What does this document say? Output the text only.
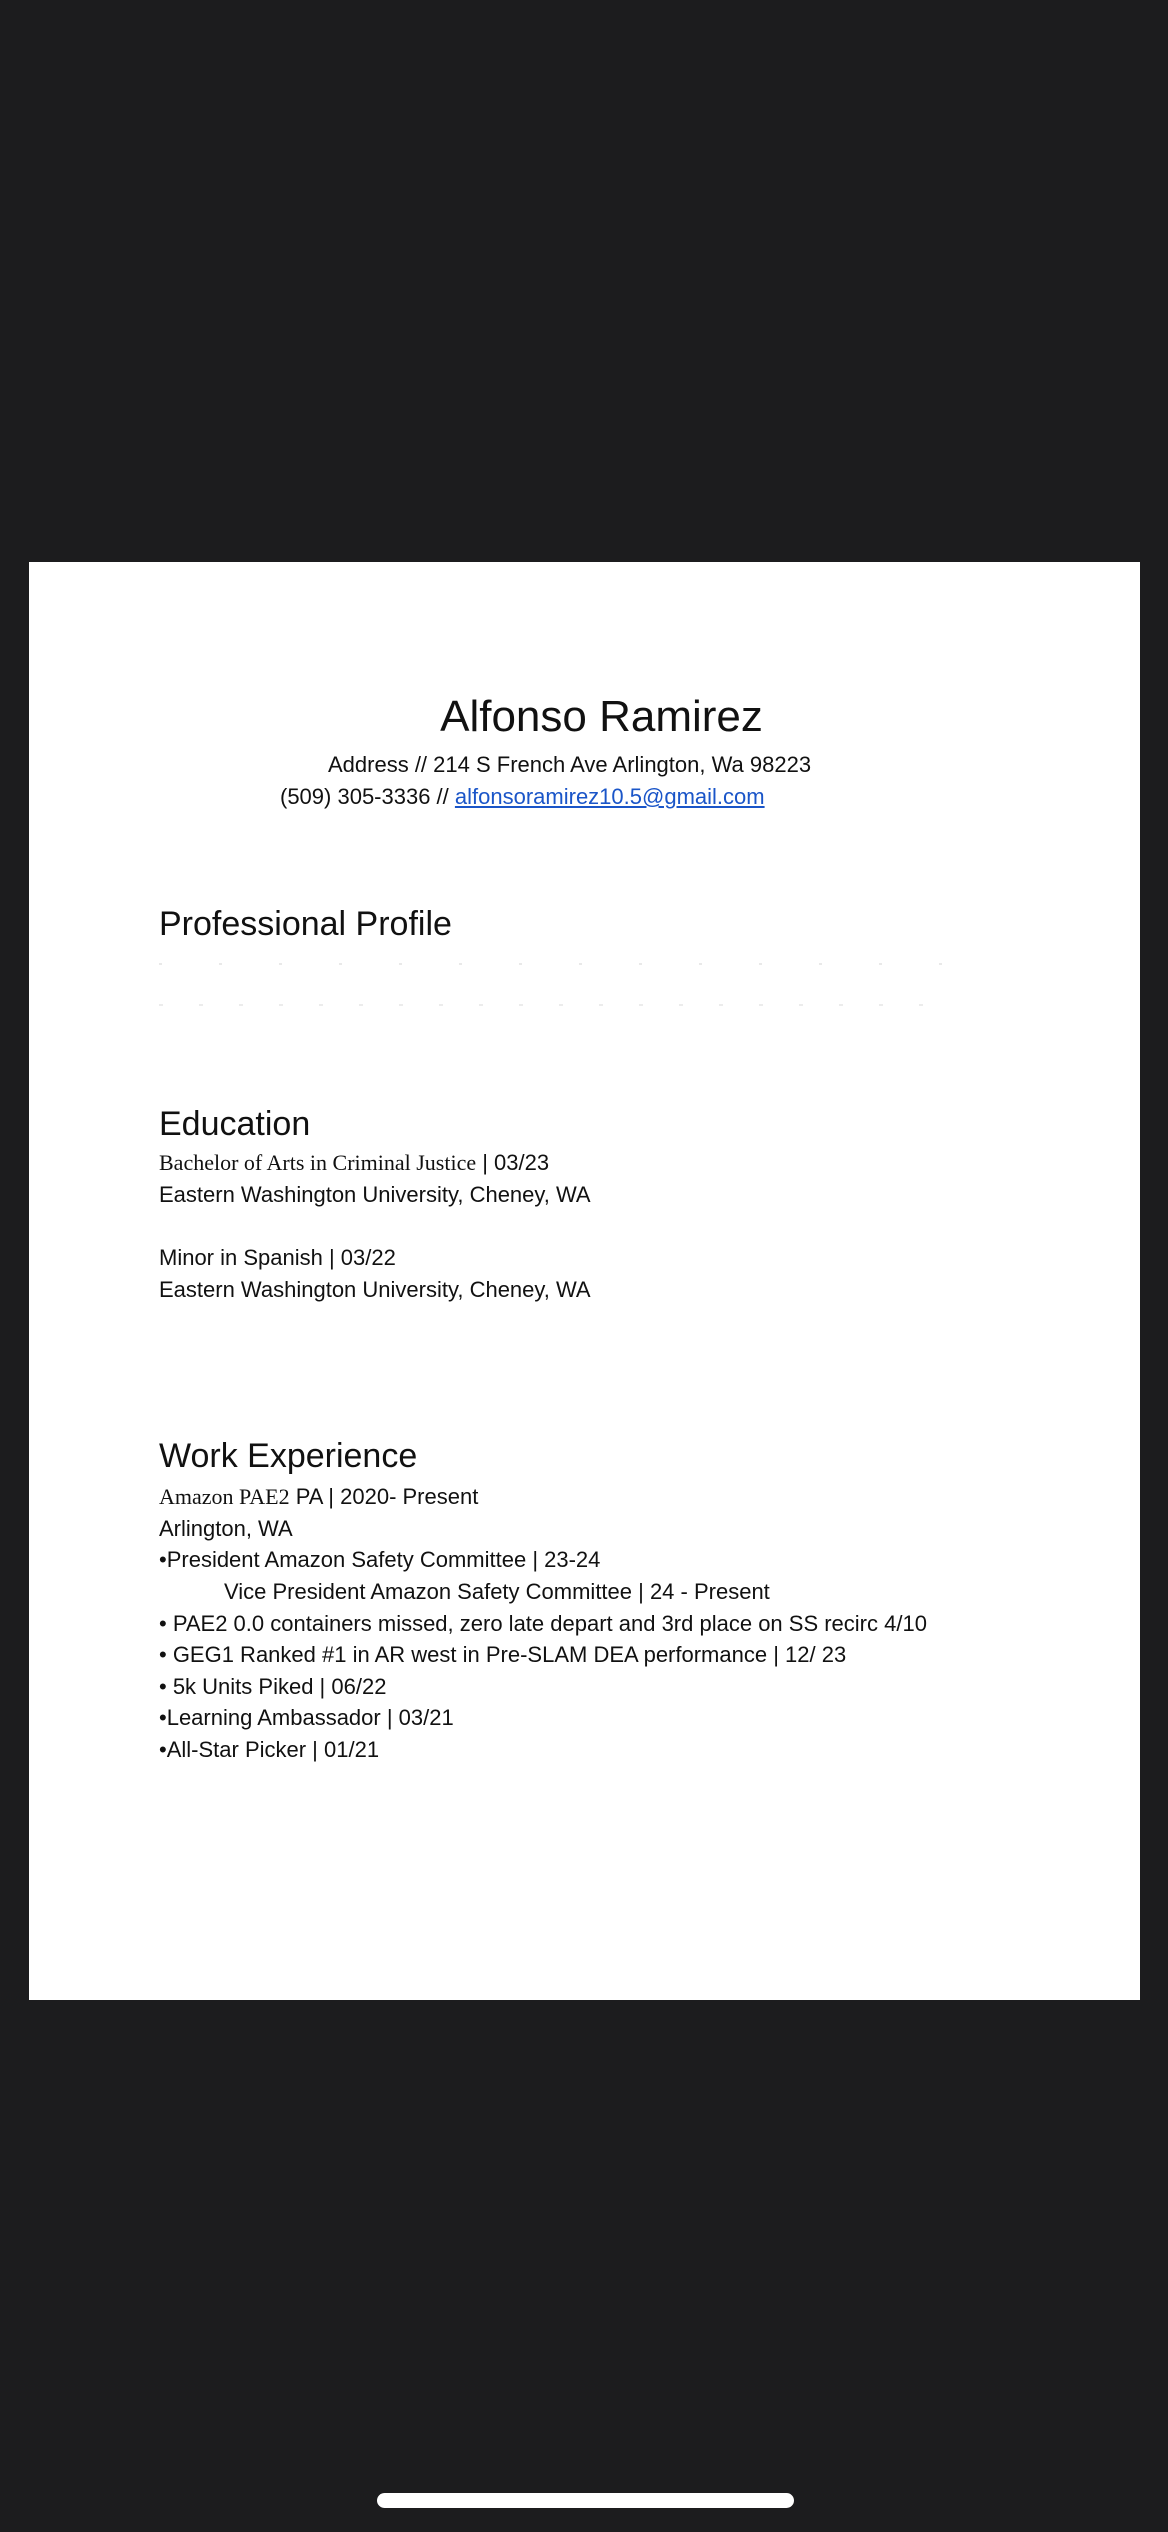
Alfonso Ramirez
Address // 214 S French Ave Arlington, Wa 98223
(509) 305-3336 // alfonsoramirez10.5@gmail.com
Professional Profile
Education
Bachelor of Arts in Criminal Justice | 03/23
Eastern Washington University, Cheney, WA
Minor in Spanish | 03/22
Eastern Washington University, Cheney, WA
Work Experience
Amazon PAE2 PA | 2020- Present
Arlington, WA
•President Amazon Safety Committee | 23-24
Vice President Amazon Safety Committee | 24 - Present
• PAE2 0.0 containers missed, zero late depart and 3rd place on SS recirc 4/10
• GEG1 Ranked #1 in AR west in Pre-SLAM DEA performance | 12/ 23
• 5k Units Piked | 06/22
•Learning Ambassador | 03/21
•All-Star Picker | 01/21
